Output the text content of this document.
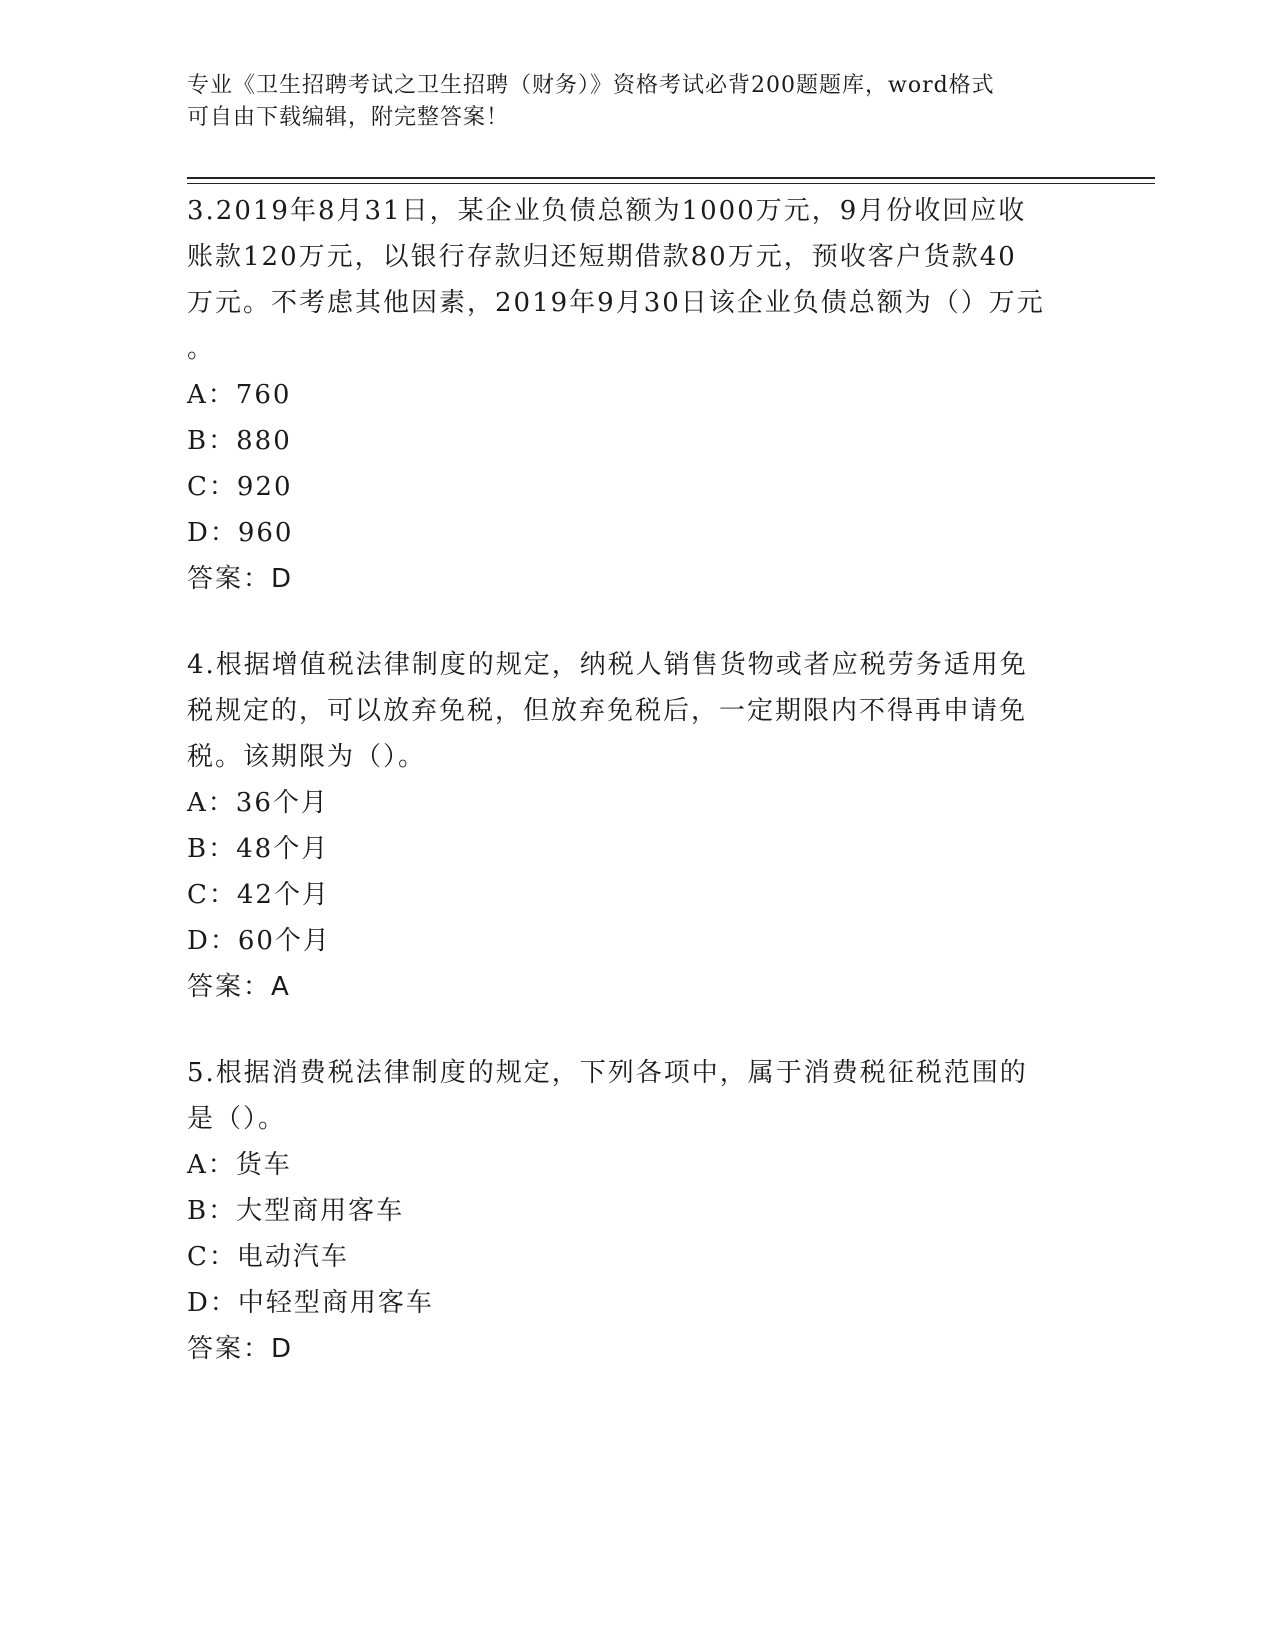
专业《卫生招聘考试之卫生招聘（财务）》资格考试必背200题题库，word格式
可自由下载编辑，附完整答案！
3.2019年8月31日，某企业负债总额为1000万元，9月份收回应收
账款120万元，以银行存款归还短期借款80万元，预收客户货款40
万元。不考虑其他因素，2019年9月30日该企业负债总额为（）万元
。
A：760
B：880
C：920
D：960
答案：D
4.根据增值税法律制度的规定，纳税人销售货物或者应税劳务适用免
税规定的，可以放弃免税，但放弃免税后，一定期限内不得再申请免
税。该期限为（）。
A：36个月
B：48个月
C：42个月
D：60个月
答案：A
5.根据消费税法律制度的规定，下列各项中，属于消费税征税范围的
是（）。
A：货车
B：大型商用客车
C：电动汽车
D：中轻型商用客车
答案：D
